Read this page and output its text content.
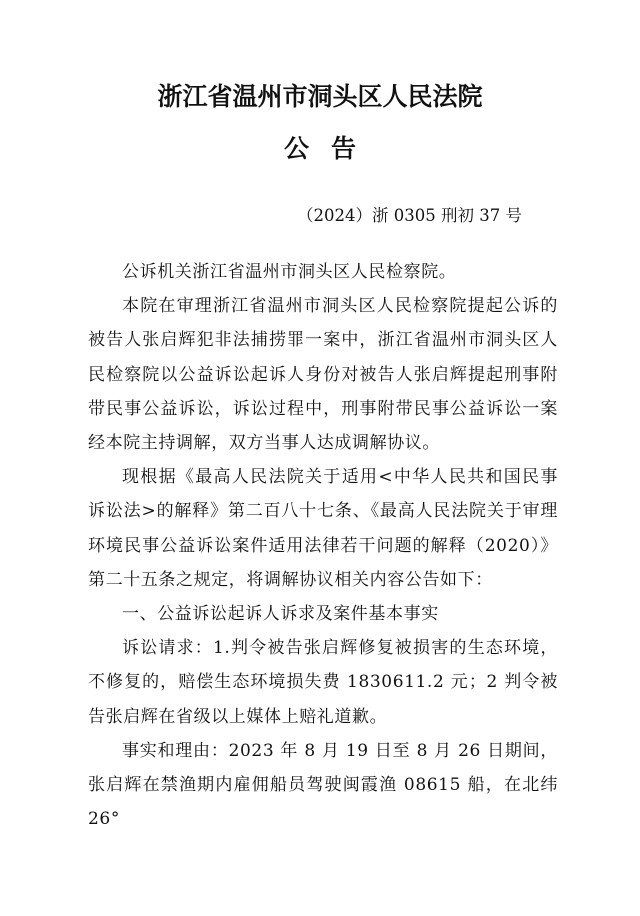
浙江省温州市洞头区人民法院
公告
（2024）浙 0305 刑初 37 号

公诉机关浙江省温州市洞头区人民检察院。

本院在审理浙江省温州市洞头区人民检察院提起公诉的被告人张启辉犯非法捕捞罪一案中，浙江省温州市洞头区人民检察院以公益诉讼起诉人身份对被告人张启辉提起刑事附带民事公益诉讼，诉讼过程中，刑事附带民事公益诉讼一案经本院主持调解，双方当事人达成调解协议。

现根据《最高人民法院关于适用<中华人民共和国民事诉讼法>的解释》第二百八十七条、《最高人民法院关于审理环境民事公益诉讼案件适用法律若干问题的解释（2020）》第二十五条之规定，将调解协议相关内容公告如下：

一、公益诉讼起诉人诉求及案件基本事实

诉讼请求：1.判令被告张启辉修复被损害的生态环境，不修复的，赔偿生态环境损失费 1830611.2 元；2 判令被告张启辉在省级以上媒体上赔礼道歉。

事实和理由：2023 年 8 月 19 日至 8 月 26 日期间，张启辉在禁渔期内雇佣船员驾驶闽霞渔 08615 船，在北纬 26°
